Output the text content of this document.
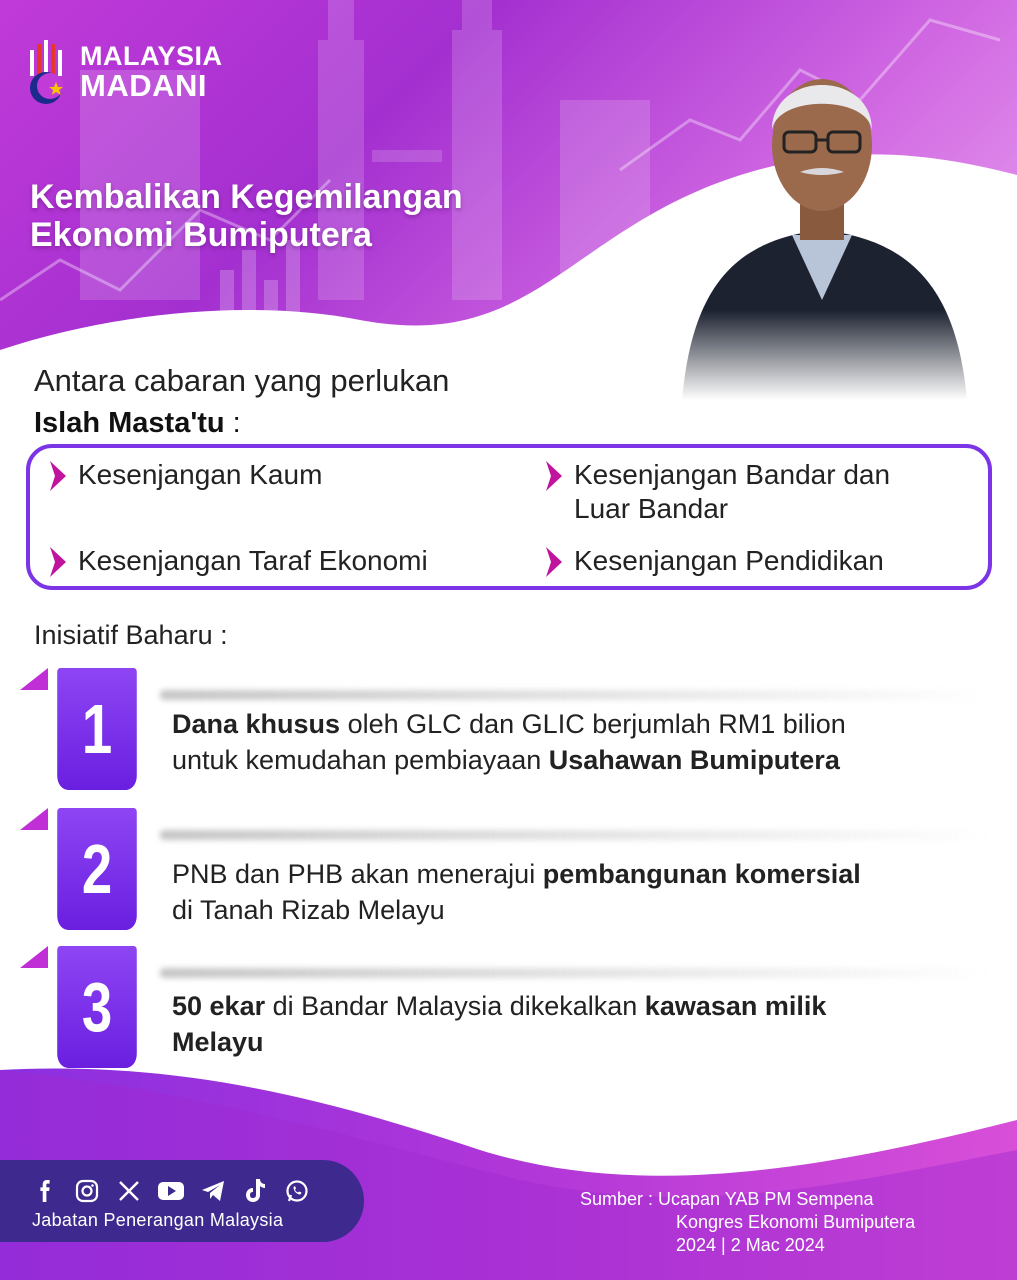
MALAYSIA
MADANI
Kembalikan Kegemilangan
Ekonomi Bumiputera
Antara cabaran yang perlukan
Islah Masta'tu :
Kesenjangan Kaum	Kesenjangan Bandar dan
Luar Bandar
Kesenjangan Taraf Ekonomi	Kesenjangan Pendidikan
Inisiatif Baharu :
1	Dana khusus oleh GLC dan GLIC berjumlah RM1 bilion
untuk kemudahan pembiayaan Usahawan Bumiputera
2	PNB dan PHB akan menerajui pembangunan komersial
di Tanah Rizab Melayu
3	50 ekar di Bandar Malaysia dikekalkan kawasan milik
Melayu
Jabatan Penerangan Malaysia
Sumber : Ucapan YAB PM Sempena
Kongres Ekonomi Bumiputera
2024 | 2 Mac 2024
